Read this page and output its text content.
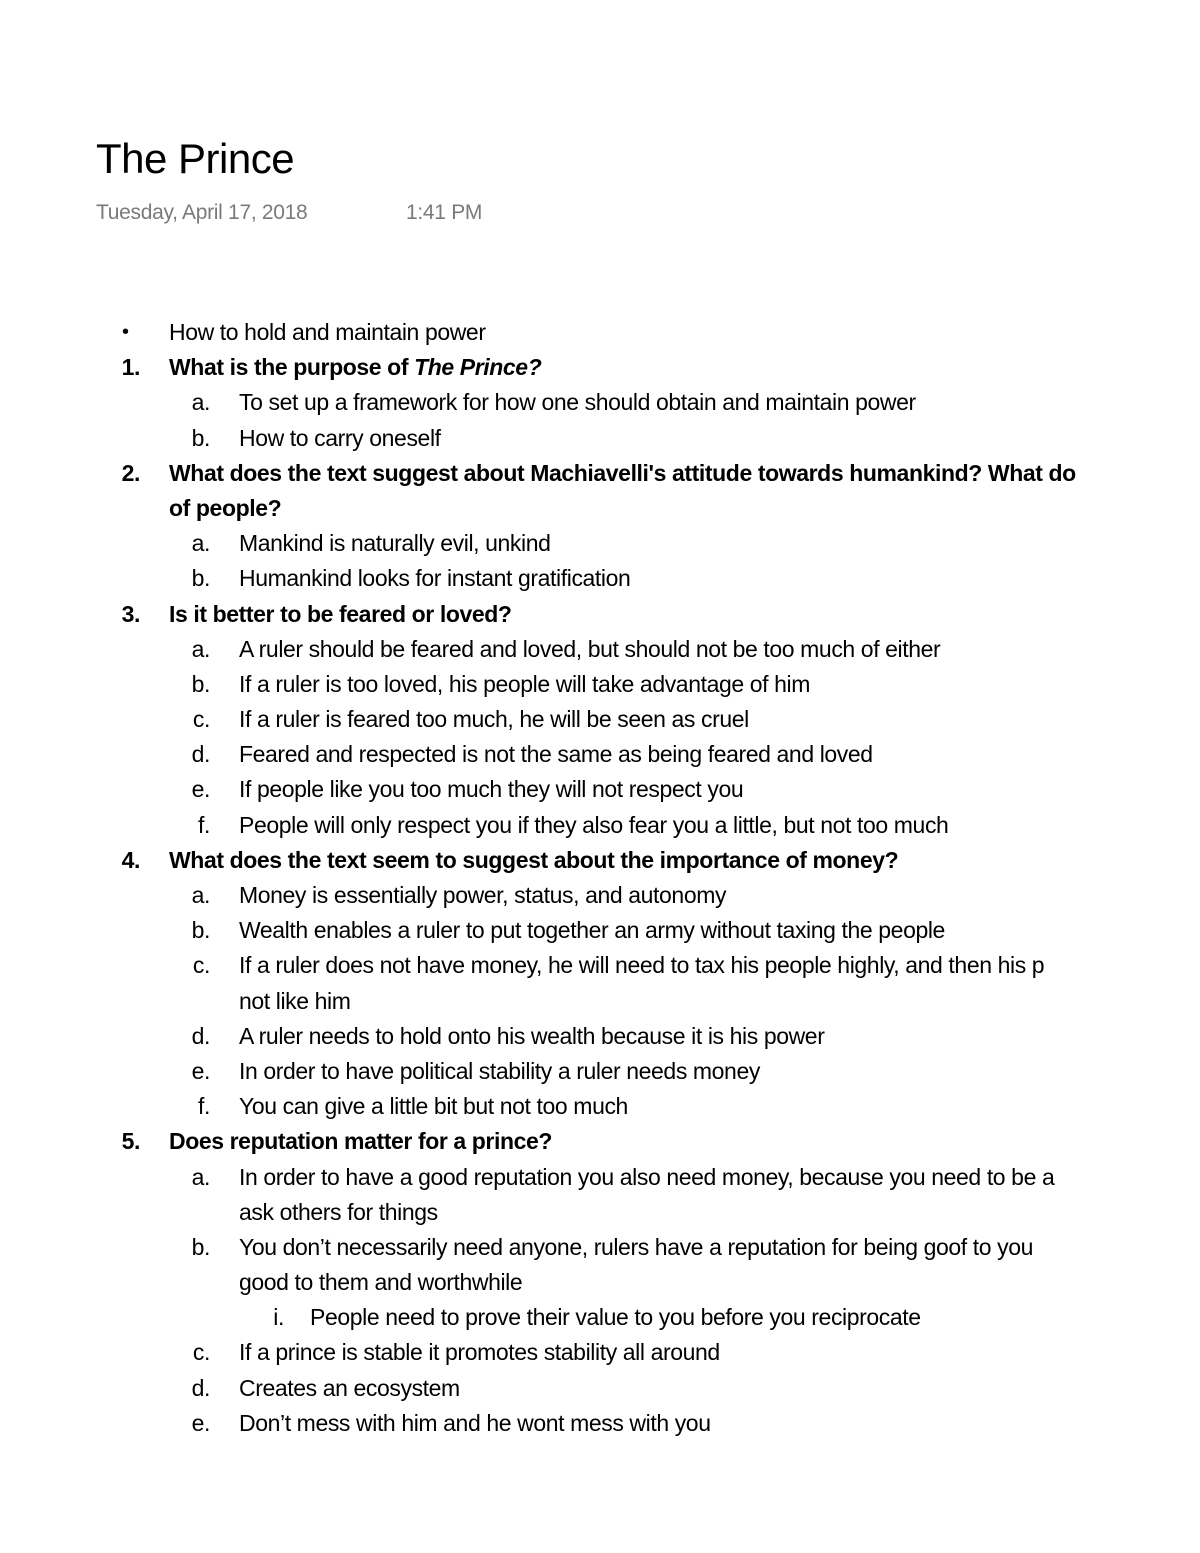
The Prince
Tuesday, April 17, 2018	1:41 PM
•	How to hold and maintain power
1. What is the purpose of The Prince?
a. To set up a framework for how one should obtain and maintain power
b. How to carry oneself
2. What does the text suggest about Machiavelli's attitude towards humankind? What do
of people?
a. Mankind is naturally evil, unkind
b. Humankind looks for instant gratification
3. Is it better to be feared or loved?
a. A ruler should be feared and loved, but should not be too much of either
b. If a ruler is too loved, his people will take advantage of him
c. If a ruler is feared too much, he will be seen as cruel
d. Feared and respected is not the same as being feared and loved
e. If people like you too much they will not respect you
f. People will only respect you if they also fear you a little, but not too much
4. What does the text seem to suggest about the importance of money?
a. Money is essentially power, status, and autonomy
b. Wealth enables a ruler to put together an army without taxing the people
c. If a ruler does not have money, he will need to tax his people highly, and then his p
not like him
d. A ruler needs to hold onto his wealth because it is his power
e. In order to have political stability a ruler needs money
f. You can give a little bit but not too much
5. Does reputation matter for a prince?
a. In order to have a good reputation you also need money, because you need to be a
ask others for things
b. You don’t necessarily need anyone, rulers have a reputation for being goof to you
good to them and worthwhile
i. People need to prove their value to you before you reciprocate
c. If a prince is stable it promotes stability all around
d. Creates an ecosystem
e. Don’t mess with him and he wont mess with you
